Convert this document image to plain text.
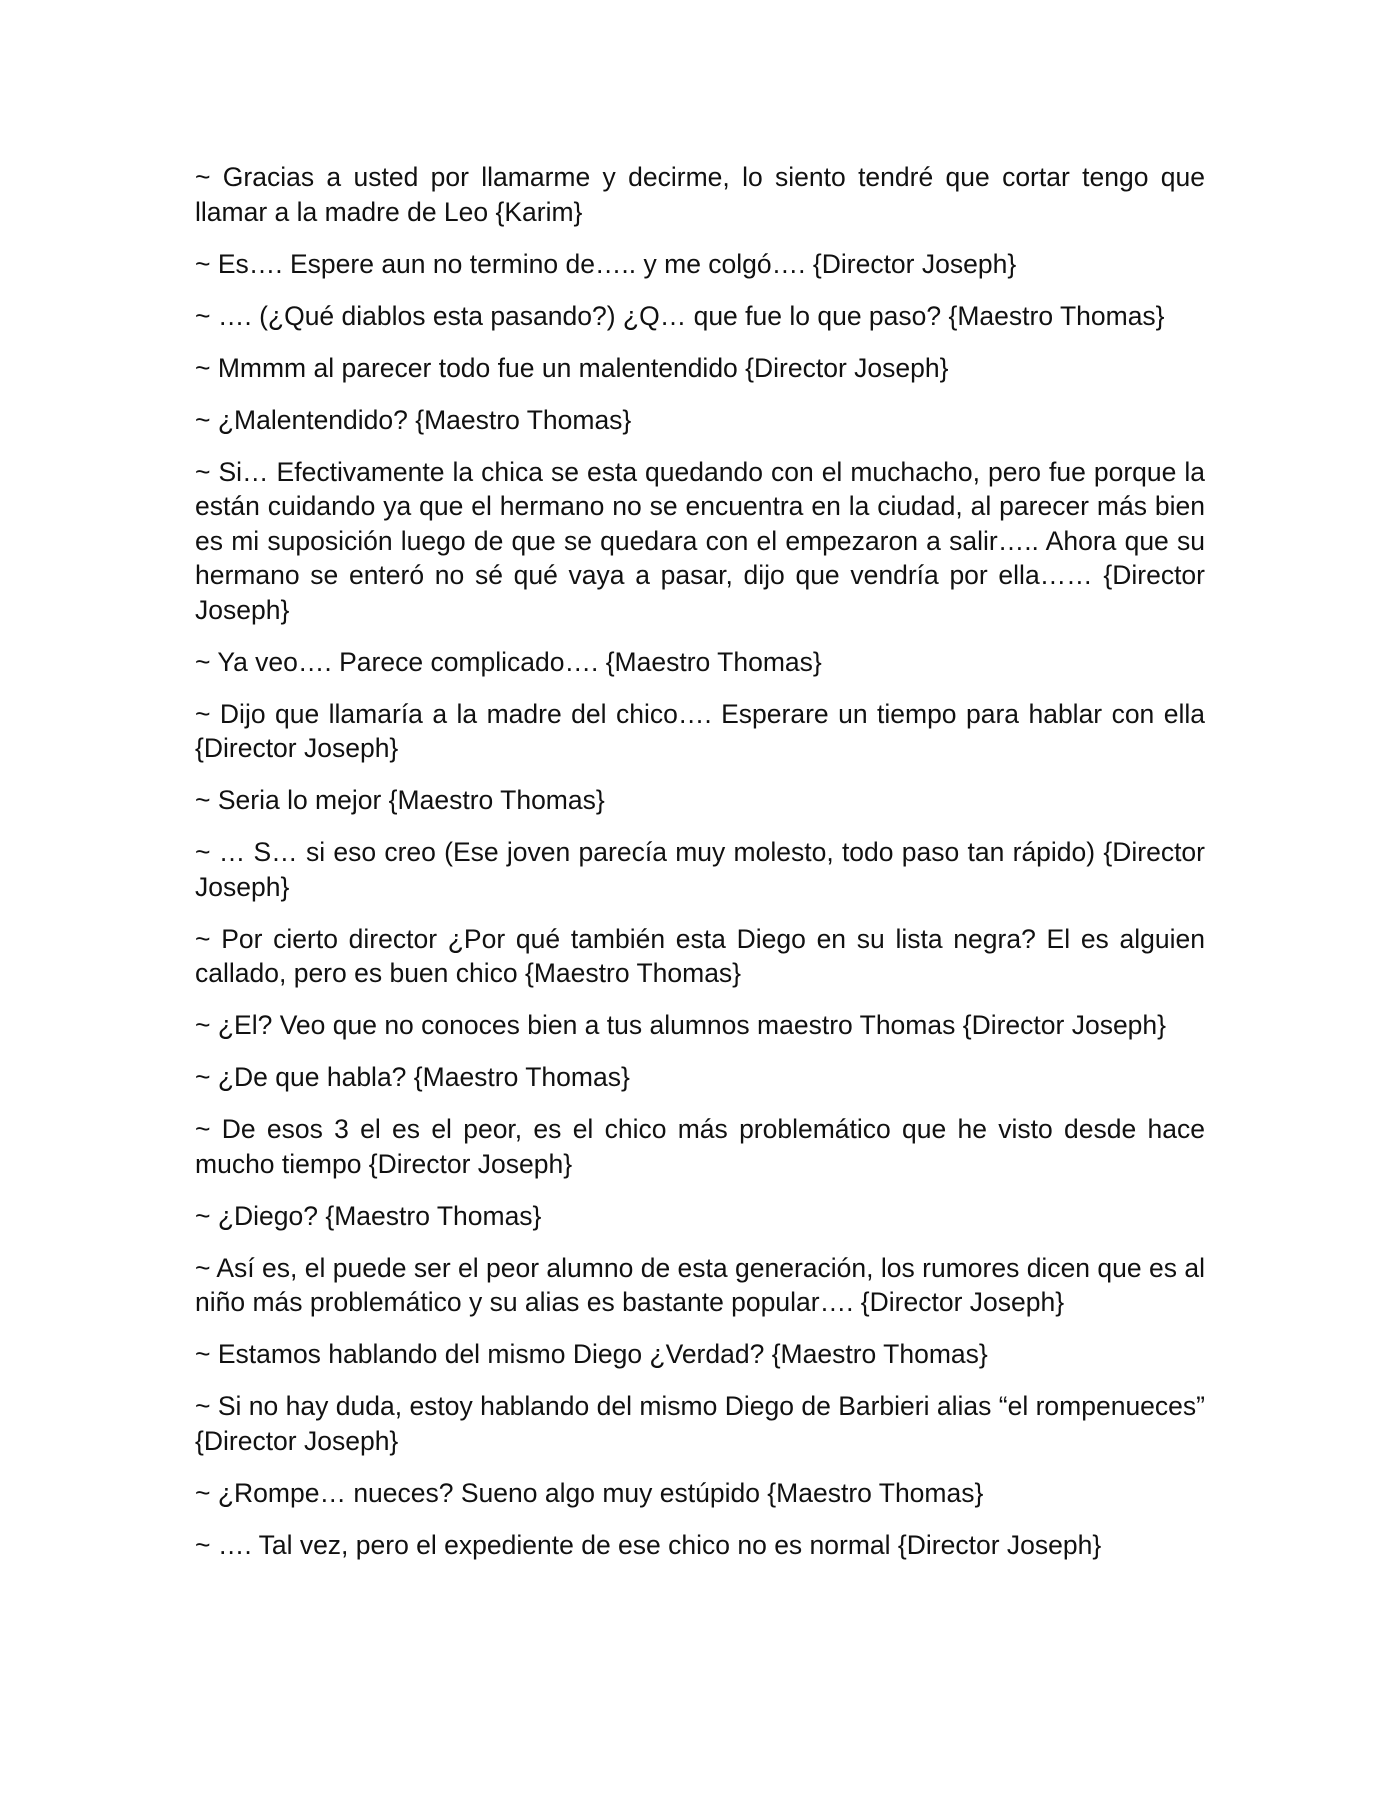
~ Gracias a usted por llamarme y decirme, lo siento tendré que cortar tengo que llamar a la madre de Leo {Karim}

~ Es…. Espere aun no termino de….. y me colgó…. {Director Joseph}

~ …. (¿Qué diablos esta pasando?) ¿Q… que fue lo que paso? {Maestro Thomas}

~ Mmmm al parecer todo fue un malentendido {Director Joseph}

~ ¿Malentendido? {Maestro Thomas}

~ Si… Efectivamente la chica se esta quedando con el muchacho, pero fue porque la están cuidando ya que el hermano no se encuentra en la ciudad, al parecer más bien es mi suposición luego de que se quedara con el empezaron a salir….. Ahora que su hermano se enteró no sé qué vaya a pasar, dijo que vendría por ella…… {Director Joseph}

~ Ya veo…. Parece complicado…. {Maestro Thomas}

~ Dijo que llamaría a la madre del chico…. Esperare un tiempo para hablar con ella {Director Joseph}

~ Seria lo mejor {Maestro Thomas}

~ … S… si eso creo (Ese joven parecía muy molesto, todo paso tan rápido) {Director Joseph}

~ Por cierto director ¿Por qué también esta Diego en su lista negra? El es alguien callado, pero es buen chico {Maestro Thomas}

~ ¿El? Veo que no conoces bien a tus alumnos maestro Thomas {Director Joseph}

~ ¿De que habla? {Maestro Thomas}

~ De esos 3 el es el peor, es el chico más problemático que he visto desde hace mucho tiempo {Director Joseph}

~ ¿Diego? {Maestro Thomas}

~ Así es, el puede ser el peor alumno de esta generación, los rumores dicen que es al niño más problemático y su alias es bastante popular…. {Director Joseph}

~ Estamos hablando del mismo Diego ¿Verdad? {Maestro Thomas}

~ Si no hay duda, estoy hablando del mismo Diego de Barbieri alias “el rompenueces” {Director Joseph}

~ ¿Rompe… nueces? Sueno algo muy estúpido {Maestro Thomas}

~ …. Tal vez, pero el expediente de ese chico no es normal {Director Joseph}
